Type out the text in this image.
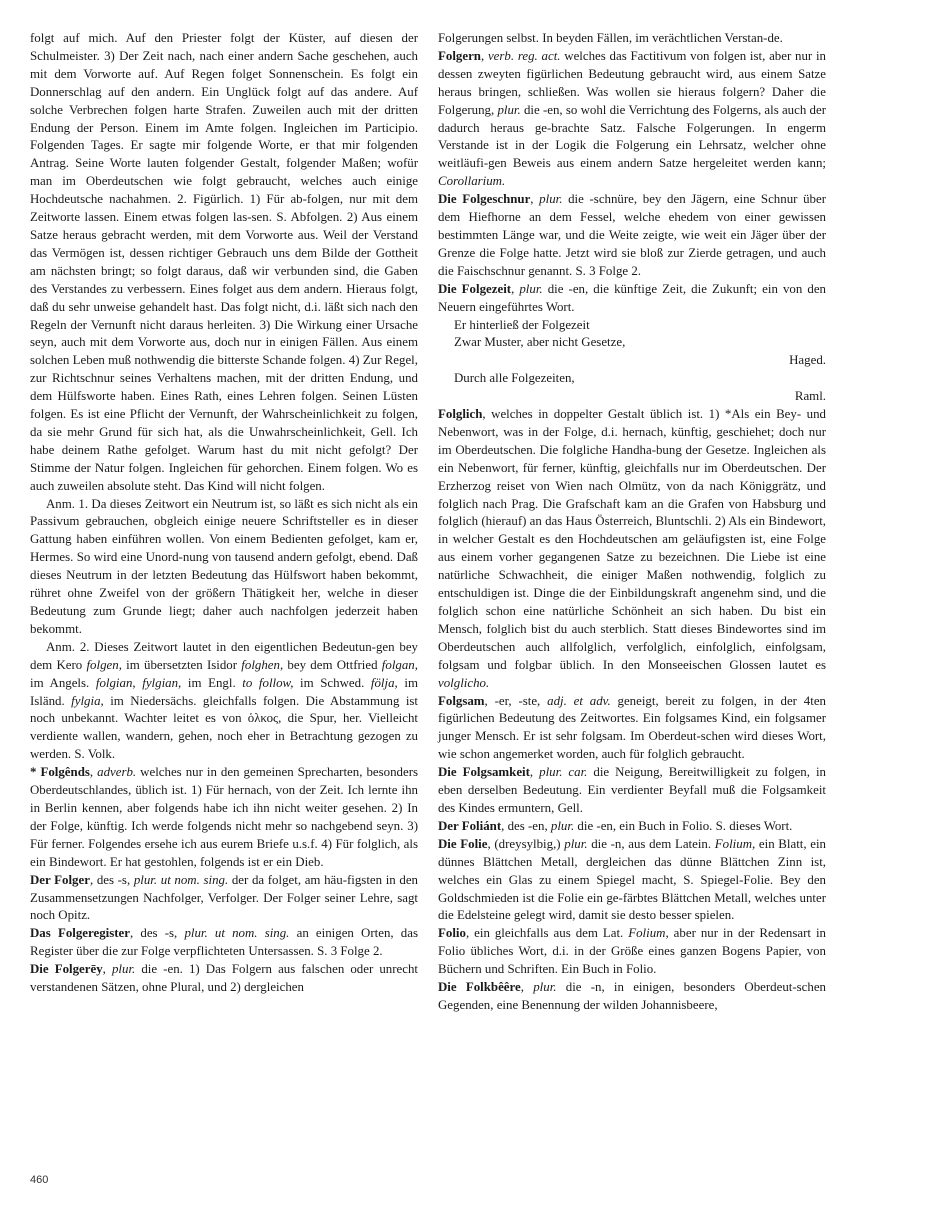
folgt auf mich. Auf den Priester folgt der Küster, auf diesen der Schulmeister. 3) Der Zeit nach, nach einer andern Sache geschehen, auch mit dem Vorworte auf. Auf Regen folget Sonnenschein. Es folgt ein Donnerschlag auf den andern. Ein Unglück folgt auf das andere. Auf solche Verbrechen folgen harte Strafen. Zuweilen auch mit der dritten Endung der Person. Einem im Amte folgen. Ingleichen im Participio. Folgenden Tages. Er sagte mir folgende Worte, er that mir folgenden Antrag. Seine Worte lauten folgender Gestalt, folgender Maßen; wofür man im Oberdeutschen wie folgt gebraucht, welches auch einige Hochdeutsche nachahmen. 2. Figürlich. 1) Für ab-folgen, nur mit dem Zeitworte lassen. Einem etwas folgen las-sen. S. Abfolgen. 2) Aus einem Satze heraus gebracht werden, mit dem Vorworte aus. Weil der Verstand das Vermögen ist, dessen richtiger Gebrauch uns dem Bilde der Gottheit am nächsten bringt; so folgt daraus, daß wir verbunden sind, die Gaben des Verstandes zu verbessern. Eines folget aus dem andern. Hieraus folgt, daß du sehr unweise gehandelt hast. Das folgt nicht, d.i. läßt sich nach den Regeln der Vernunft nicht daraus herleiten. 3) Die Wirkung einer Ursache seyn, auch mit dem Vorworte aus, doch nur in einigen Fällen. Aus einem solchen Leben muß nothwendig die bitterste Schande folgen. 4) Zur Regel, zur Richtschnur seines Verhaltens machen, mit der dritten Endung, und dem Hülfsworte haben. Eines Rath, eines Lehren folgen. Seinen Lüsten folgen. Es ist eine Pflicht der Vernunft, der Wahrscheinlichkeit zu folgen, da sie mehr Grund für sich hat, als die Unwahrscheinlichkeit, Gell. Ich habe deinem Rathe gefolget. Warum hast du mit nicht gefolgt? Der Stimme der Natur folgen. Ingleichen für gehorchen. Einem folgen. Wo es auch zuweilen absolute steht. Das Kind will nicht folgen.

Anm. 1. Da dieses Zeitwort ein Neutrum ist, so läßt es sich nicht als ein Passivum gebrauchen, obgleich einige neuere Schriftsteller es in dieser Gattung haben einführen wollen. Von einem Bedienten gefolget, kam er, Hermes. So wird eine Unord-nung von tausend andern gefolgt, ebend. Daß dieses Neutrum in der letzten Bedeutung das Hülfswort haben bekommt, rühret ohne Zweifel von der größern Thätigkeit her, welche in dieser Bedeutung zum Grunde liegt; daher auch nachfolgen jederzeit haben bekommt.

Anm. 2. Dieses Zeitwort lautet in den eigentlichen Bedeutun-gen bey dem Kero folgen, im übersetzten Isidor folghen, bey dem Ottfried folgan, im Angels. folgian, fylgian, im Engl. to follow, im Schwed. följa, im Isländ. fylgia, im Niedersächs. gleichfalls folgen. Die Abstammung ist noch unbekannt. Wachter leitet es von ὁλκος, die Spur, her. Vielleicht verdiente wallen, wandern, gehen, noch eher in Betrachtung gezogen zu werden. S. Volk.

* Folgênds, adverb. welches nur in den gemeinen Sprecharten, besonders Oberdeutschlandes, üblich ist. 1) Für hernach, von der Zeit. Ich lernte ihn in Berlin kennen, aber folgends habe ich ihn nicht weiter gesehen. 2) In der Folge, künftig. Ich werde folgends nicht mehr so nachgebend seyn. 3) Für ferner. Folgendes ersehe ich aus eurem Briefe u.s.f. 4) Für folglich, als ein Bindewort. Er hat gestohlen, folgends ist er ein Dieb.

Der Folger, des -s, plur. ut nom. sing. der da folget, am häu-figsten in den Zusammensetzungen Nachfolger, Verfolger. Der Folger seiner Lehre, sagt noch Opitz.

Das Folgeregister, des -s, plur. ut nom. sing. an einigen Orten, das Register über die zur Folge verpflichteten Untersassen. S. 3 Folge 2.

Die Folgerēy, plur. die -en. 1) Das Folgern aus falschen oder unrecht verstandenen Sätzen, ohne Plural, und 2) dergleichen

Folgerungen selbst. In beyden Fällen, im verächtlichen Verstan-de.

Folgern, verb. reg. act. welches das Factitivum von folgen ist, aber nur in dessen zweyten figürlichen Bedeutung gebraucht wird, aus einem Satze heraus bringen, schließen. Was wollen sie hieraus folgern? Daher die Folgerung, plur. die -en, so wohl die Verrichtung des Folgerns, als auch der dadurch heraus ge-brachte Satz. Falsche Folgerungen. In engerm Verstande ist in der Logik die Folgerung ein Lehrsatz, welcher ohne weitläufi-gen Beweis aus einem andern Satze hergeleitet werden kann; Corollarium.

Die Folgeschnur, plur. die -schnüre, bey den Jägern, eine Schnur über dem Hiefhorne an dem Fessel, welche ehedem von einer gewissen bestimmten Länge war, und die Weite zeigte, wie weit ein Jäger über der Grenze die Folge hatte. Jetzt wird sie bloß zur Zierde getragen, und auch die Faischschnur genannt. S. 3 Folge 2.

Die Folgezeit, plur. die -en, die künftige Zeit, die Zukunft; ein von den Neuern eingeführtes Wort.

Er hinterließ der Folgezeit

Zwar Muster, aber nicht Gesetze,

Haged.

Durch alle Folgezeiten,

Raml.

Folglich, welches in doppelter Gestalt üblich ist. 1) *Als ein Bey- und Nebenwort, was in der Folge, d.i. hernach, künftig, geschiehet; doch nur im Oberdeutschen. Die folgliche Handha-bung der Gesetze. Ingleichen als ein Nebenwort, für ferner, künftig, gleichfalls nur im Oberdeutschen. Der Erzherzog reiset von Wien nach Olmütz, von da nach Königgrätz, und folglich nach Prag. Die Grafschaft kam an die Grafen von Habsburg und folglich (hierauf) an das Haus Österreich, Bluntschli. 2) Als ein Bindewort, in welcher Gestalt es den Hochdeutschen am geläufigsten ist, eine Folge aus einem vorher gegangenen Satze zu bezeichnen. Die Liebe ist eine natürliche Schwachheit, die einiger Maßen nothwendig, folglich zu entschuldigen ist. Dinge die der Einbildungskraft angenehm sind, und die folglich schon eine natürliche Schönheit an sich haben. Du bist ein Mensch, folglich bist du auch sterblich. Statt dieses Bindewortes sind im Oberdeutschen auch allfolglich, verfolglich, einfolglich, einfolgsam, folgsam und folgbar üblich. In den Monseeischen Glossen lautet es volglicho.

Folgsam, -er, -ste, adj. et adv. geneigt, bereit zu folgen, in der 4ten figürlichen Bedeutung des Zeitwortes. Ein folgsames Kind, ein folgsamer junger Mensch. Er ist sehr folgsam. Im Oberdeut-schen wird dieses Wort, wie schon angemerket worden, auch für folglich gebraucht.

Die Folgsamkeit, plur. car. die Neigung, Bereitwilligkeit zu folgen, in eben derselben Bedeutung. Ein verdienter Beyfall muß die Folgsamkeit des Kindes ermuntern, Gell.

Der Foliánt, des -en, plur. die -en, ein Buch in Folio. S. dieses Wort.

Die Folie, (dreysylbig,) plur. die -n, aus dem Latein. Folium, ein Blatt, ein dünnes Blättchen Metall, dergleichen das dünne Blättchen Zinn ist, welches ein Glas zu einem Spiegel macht, S. Spiegel-Folie. Bey den Goldschmieden ist die Folie ein ge-färbtes Blättchen Metall, welches unter die Edelsteine gelegt wird, damit sie desto besser spielen.

Folio, ein gleichfalls aus dem Lat. Folium, aber nur in der Redensart in Folio übliches Wort, d.i. in der Größe eines ganzen Bogens Papier, von Büchern und Schriften. Ein Buch in Folio.

Die Folkbêêre, plur. die -n, in einigen, besonders Oberdeut-schen Gegenden, eine Benennung der wilden Johannisbeere,

460
